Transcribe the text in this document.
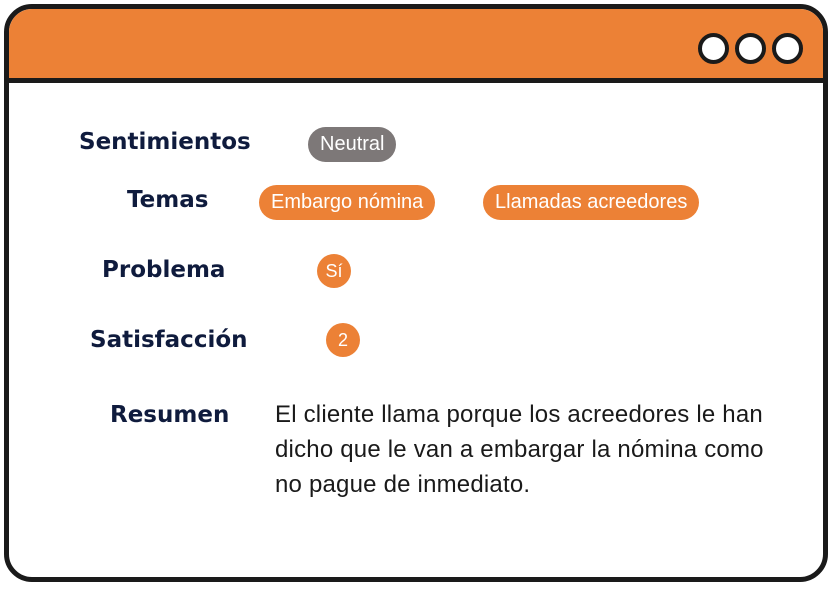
Sentimientos	Neutral
Temas	Embargo nómina	Llamadas acreedores
Problema	Sí
Satisfacción	2
Resumen El cliente llama porque los acreedores le han dicho que le van a embargar la nómina como no pague de inmediato.
